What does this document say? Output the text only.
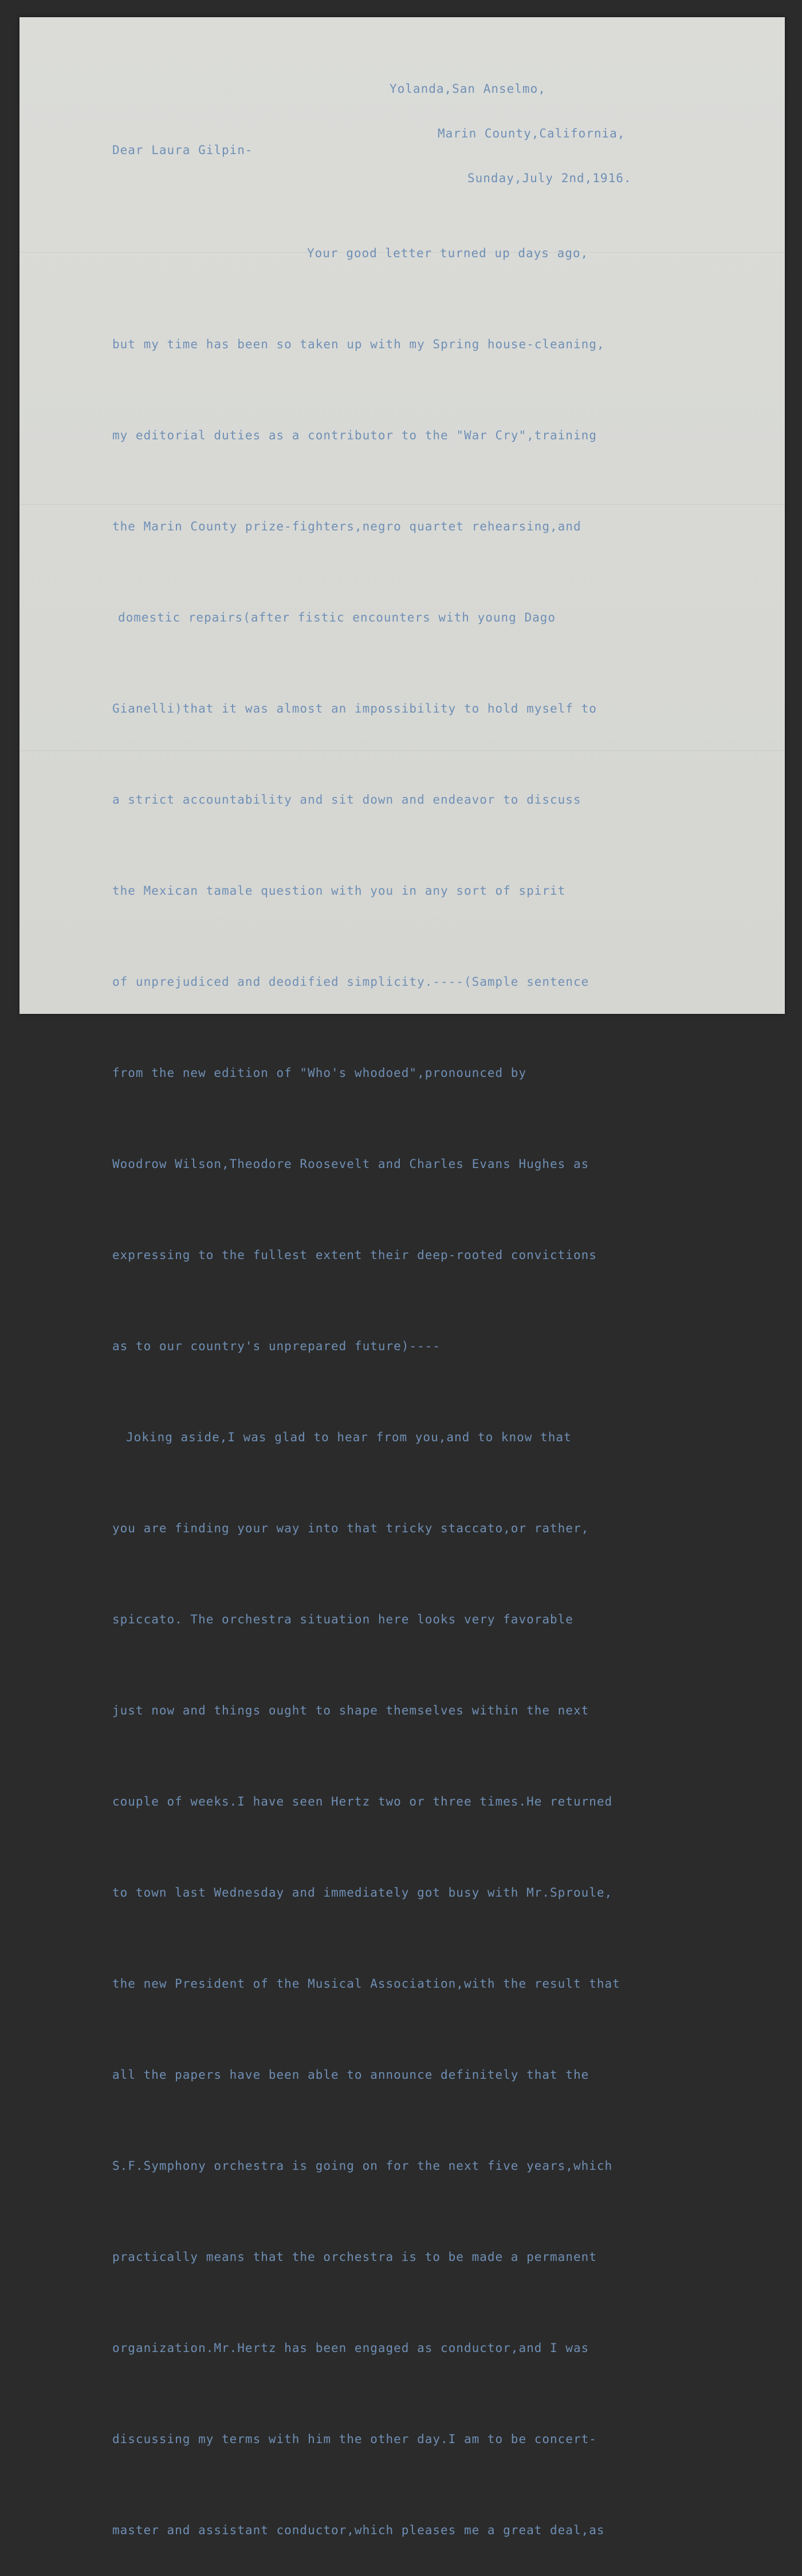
Yolanda,San Anselmo,

Marin County,California,

Sunday,July 2nd,1916.

Dear Laura Gilpin-

Your good letter turned up days ago,

but my time has been so taken up with my Spring house-cleaning,

my editorial duties as a contributor to the "War Cry",training

the Marin County prize-fighters,negro quartet rehearsing,and

domestic repairs(after fistic encounters with young Dago

Gianelli)that it was almost an impossibility to hold myself to

a strict accountability and sit down and endeavor to discuss

the Mexican tamale question with you in any sort of spirit

of unprejudiced and deodified simplicity.----(Sample sentence

from the new edition of "Who's whodoed",pronounced by

Woodrow Wilson,Theodore Roosevelt and Charles Evans Hughes as

expressing to the fullest extent their deep-rooted convictions

as to our country's unprepared future)----

Joking aside,I was glad to hear from you,and to know that

you are finding your way into that tricky staccato,or rather,

spiccato. The orchestra situation here looks very favorable

just now and things ought to shape themselves within the next

couple of weeks.I have seen Hertz two or three times.He returned

to town last Wednesday and immediately got busy with Mr.Sproule,

the new President of the Musical Association,with the result that

all the papers have been able to announce definitely that the

S.F.Symphony orchestra is going on for the next five years,which

practically means that the orchestra is to be made a permanent

organization.Mr.Hertz has been engaged as conductor,and I was

discussing my terms with him the other day.I am to be concert-

master and assistant conductor,which pleases me a great deal,as
